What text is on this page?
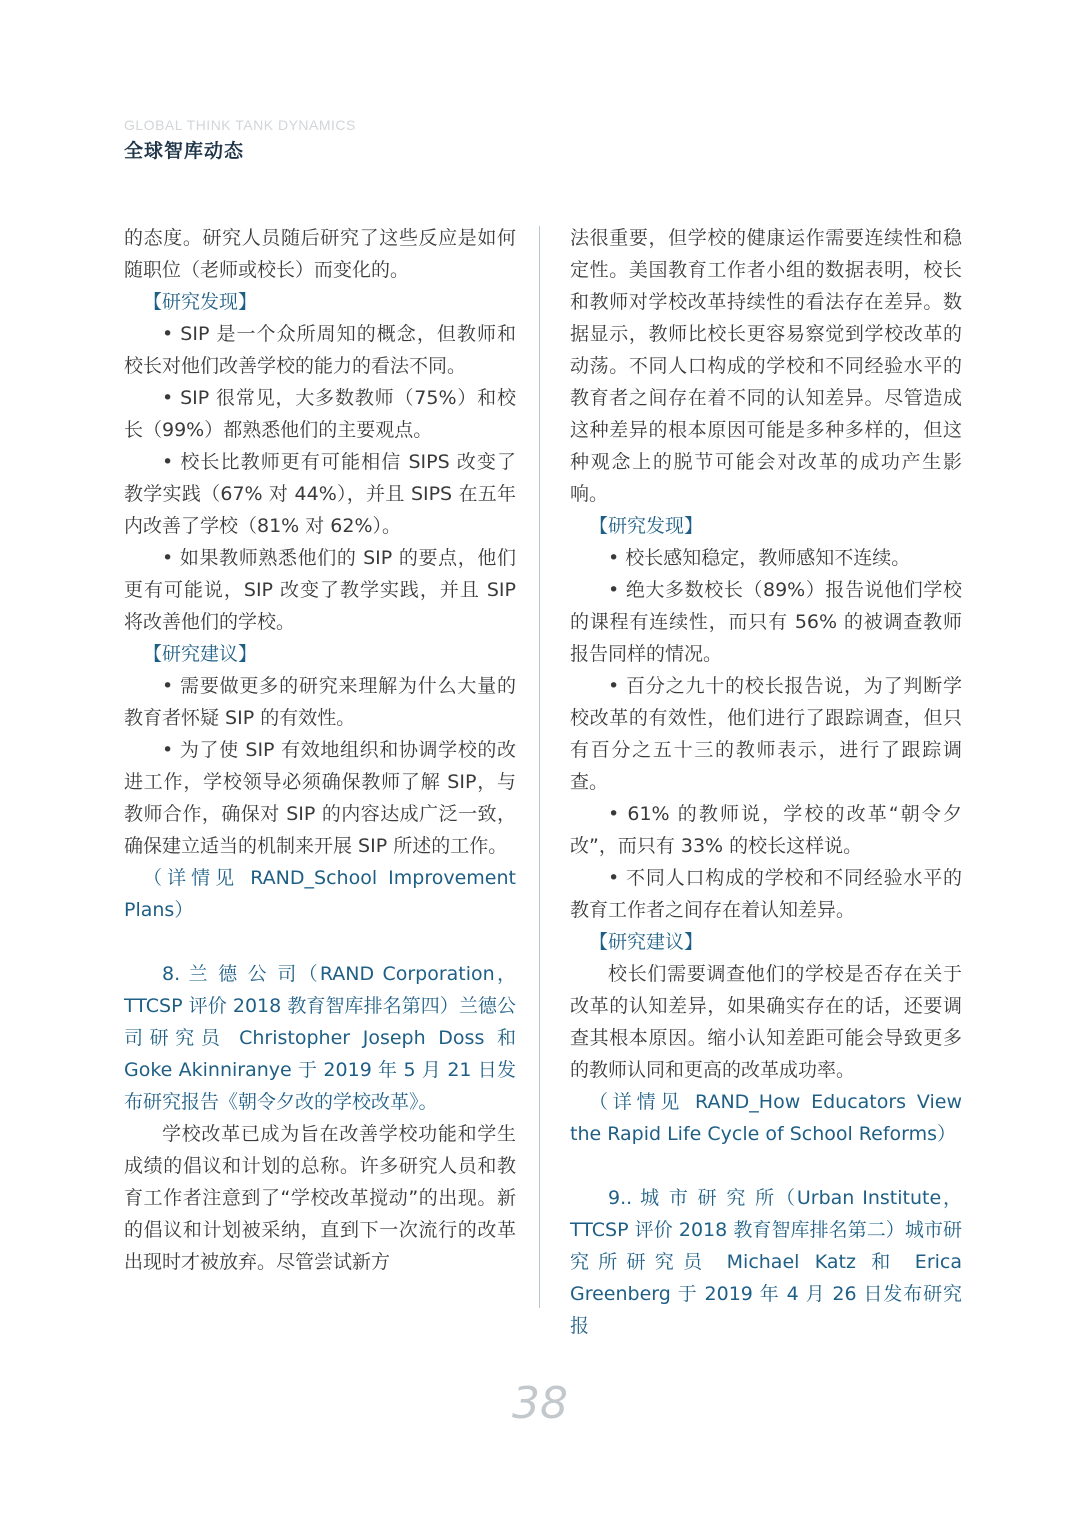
GLOBAL THINK TANK DYNAMICS
全球智库动态

的态度。研究人员随后研究了这些反应是如何随职位（老师或校长）而变化的。

【研究发现】

• SIP 是一个众所周知的概念，但教师和校长对他们改善学校的能力的看法不同。

• SIP 很常见，大多数教师（75%）和校长（99%）都熟悉他们的主要观点。

• 校长比教师更有可能相信 SIPS 改变了教学实践（67% 对 44%），并且 SIPS 在五年内改善了学校（81% 对 62%）。

• 如果教师熟悉他们的 SIP 的要点，他们更有可能说，SIP 改变了教学实践，并且 SIP 将改善他们的学校。

【研究建议】

• 需要做更多的研究来理解为什么大量的教育者怀疑 SIP 的有效性。

• 为了使 SIP 有效地组织和协调学校的改进工作，学校领导必须确保教师了解 SIP，与教师合作，确保对 SIP 的内容达成广泛一致，确保建立适当的机制来开展 SIP 所述的工作。

（详情见 RAND_School Improvement Plans）

8. 兰 德 公 司（RAND Corporation，TTCSP 评价 2018 教育智库排名第四）兰德公司研究员 Christopher Joseph Doss 和 Goke Akinniranye 于 2019 年 5 月 21 日发布研究报告《朝令夕改的学校改革》。

学校改革已成为旨在改善学校功能和学生成绩的倡议和计划的总称。许多研究人员和教育工作者注意到了“学校改革搅动”的出现。新的倡议和计划被采纳，直到下一次流行的改革出现时才被放弃。尽管尝试新方

法很重要，但学校的健康运作需要连续性和稳定性。美国教育工作者小组的数据表明，校长和教师对学校改革持续性的看法存在差异。数据显示，教师比校长更容易察觉到学校改革的动荡。不同人口构成的学校和不同经验水平的教育者之间存在着不同的认知差异。尽管造成这种差异的根本原因可能是多种多样的，但这种观念上的脱节可能会对改革的成功产生影响。

【研究发现】

• 校长感知稳定，教师感知不连续。

• 绝大多数校长（89%）报告说他们学校的课程有连续性，而只有 56% 的被调查教师报告同样的情况。

• 百分之九十的校长报告说，为了判断学校改革的有效性，他们进行了跟踪调查，但只有百分之五十三的教师表示，进行了跟踪调查。

• 61% 的教师说，学校的改革“朝令夕改”，而只有 33% 的校长这样说。

• 不同人口构成的学校和不同经验水平的教育工作者之间存在着认知差异。

【研究建议】

校长们需要调查他们的学校是否存在关于改革的认知差异，如果确实存在的话，还要调查其根本原因。缩小认知差距可能会导致更多的教师认同和更高的改革成功率。

（详情见 RAND_How Educators View the Rapid Life Cycle of School Reforms）

9.. 城 市 研 究 所（Urban Institute，TTCSP 评价 2018 教育智库排名第二）城市研究所研究员 Michael Katz 和 Erica Greenberg 于 2019 年 4 月 26 日发布研究报

38
